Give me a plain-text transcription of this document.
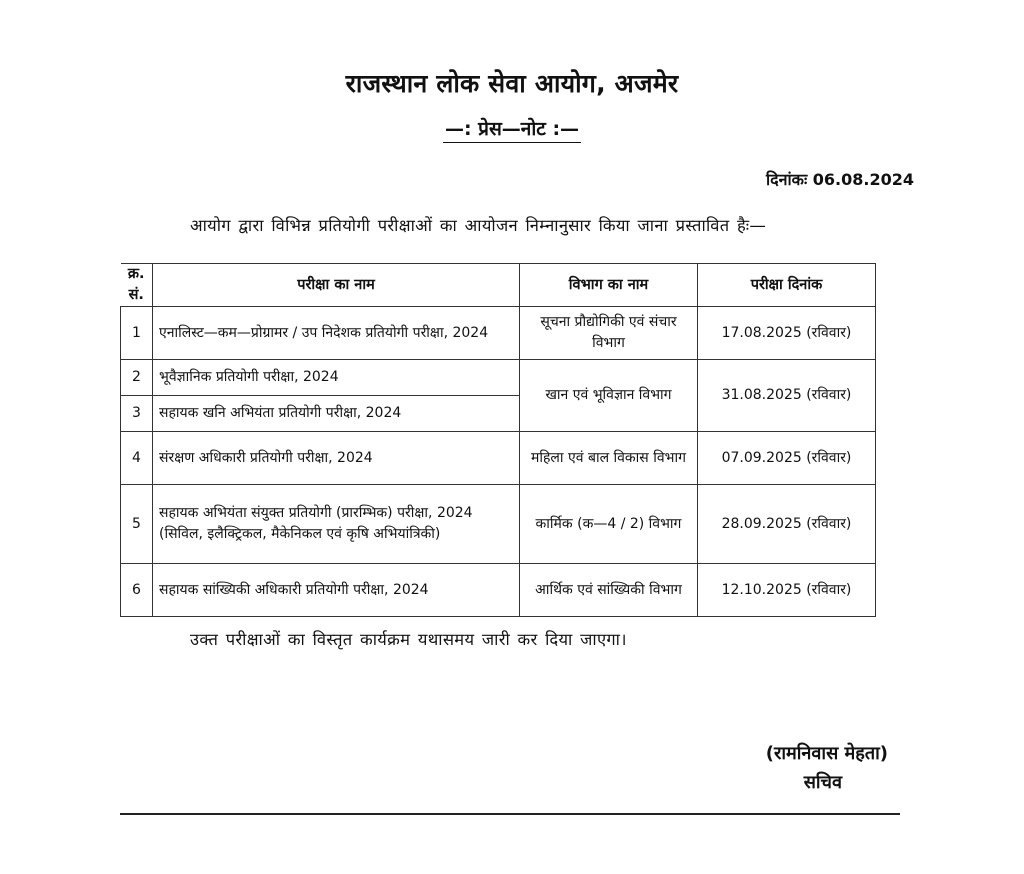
राजस्थान लोक सेवा आयोग, अजमेर
—: प्रेस—नोट :—
दिनांकः 06.08.2024
आयोग द्वारा विभिन्न प्रतियोगी परीक्षाओं का आयोजन निम्नानुसार किया जाना प्रस्तावित हैः—
क्र. सं.	परीक्षा का नाम	विभाग का नाम	परीक्षा दिनांक
1	एनालिस्ट—कम—प्रोग्रामर / उप निदेशक प्रतियोगी परीक्षा, 2024	सूचना प्रौद्योगिकी एवं संचार विभाग	17.08.2025 (रविवार)
2	भूवैज्ञानिक प्रतियोगी परीक्षा, 2024	खान एवं भूविज्ञान विभाग	31.08.2025 (रविवार)
3	सहायक खनि अभियंता प्रतियोगी परीक्षा, 2024		
4	संरक्षण अधिकारी प्रतियोगी परीक्षा, 2024	महिला एवं बाल विकास विभाग	07.09.2025 (रविवार)
5	सहायक अभियंता संयुक्त प्रतियोगी (प्रारम्भिक) परीक्षा, 2024 (सिविल, इलैक्ट्रिकल, मैकेनिकल एवं कृषि अभियांत्रिकी)	कार्मिक (क—4 / 2) विभाग	28.09.2025 (रविवार)
6	सहायक सांख्यिकी अधिकारी प्रतियोगी परीक्षा, 2024	आर्थिक एवं सांख्यिकी विभाग	12.10.2025 (रविवार)
उक्त परीक्षाओं का विस्तृत कार्यक्रम यथासमय जारी कर दिया जाएगा।
(रामनिवास मेहता)
सचिव
